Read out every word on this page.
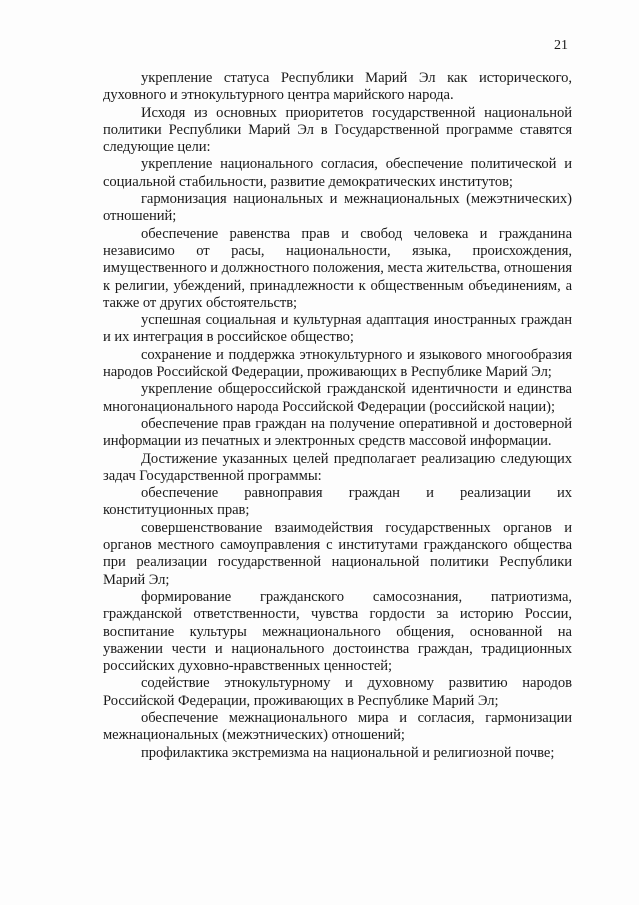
21

укрепление статуса Республики Марий Эл как исторического, духовного и этнокультурного центра марийского народа.

Исходя из основных приоритетов государственной национальной политики Республики Марий Эл в Государственной программе ставятся следующие цели:

укрепление национального согласия, обеспечение политической и социальной стабильности, развитие демократических институтов;

гармонизация национальных и межнациональных (межэтнических) отношений;

обеспечение равенства прав и свобод человека и гражданина независимо от расы, национальности, языка, происхождения, имущественного и должностного положения, места жительства, отношения к религии, убеждений, принадлежности к общественным объединениям, а также от других обстоятельств;

успешная социальная и культурная адаптация иностранных граждан и их интеграция в российское общество;

сохранение и поддержка этнокультурного и языкового многообразия народов Российской Федерации, проживающих в Республике Марий Эл;

укрепление общероссийской гражданской идентичности и единства многонационального народа Российской Федерации (российской нации);

обеспечение прав граждан на получение оперативной и достоверной информации из печатных и электронных средств массовой информации.

Достижение указанных целей предполагает реализацию следующих задач Государственной программы:

обеспечение равноправия граждан и реализации их конституционных прав;

совершенствование взаимодействия государственных органов и органов местного самоуправления с институтами гражданского общества при реализации государственной национальной политики Республики Марий Эл;

формирование гражданского самосознания, патриотизма, гражданской ответственности, чувства гордости за историю России, воспитание культуры межнационального общения, основанной на уважении чести и национального достоинства граждан, традиционных российских духовно-нравственных ценностей;

содействие этнокультурному и духовному развитию народов Российской Федерации, проживающих в Республике Марий Эл;

обеспечение межнационального мира и согласия, гармонизации межнациональных (межэтнических) отношений;

профилактика экстремизма на национальной и религиозной почве;
